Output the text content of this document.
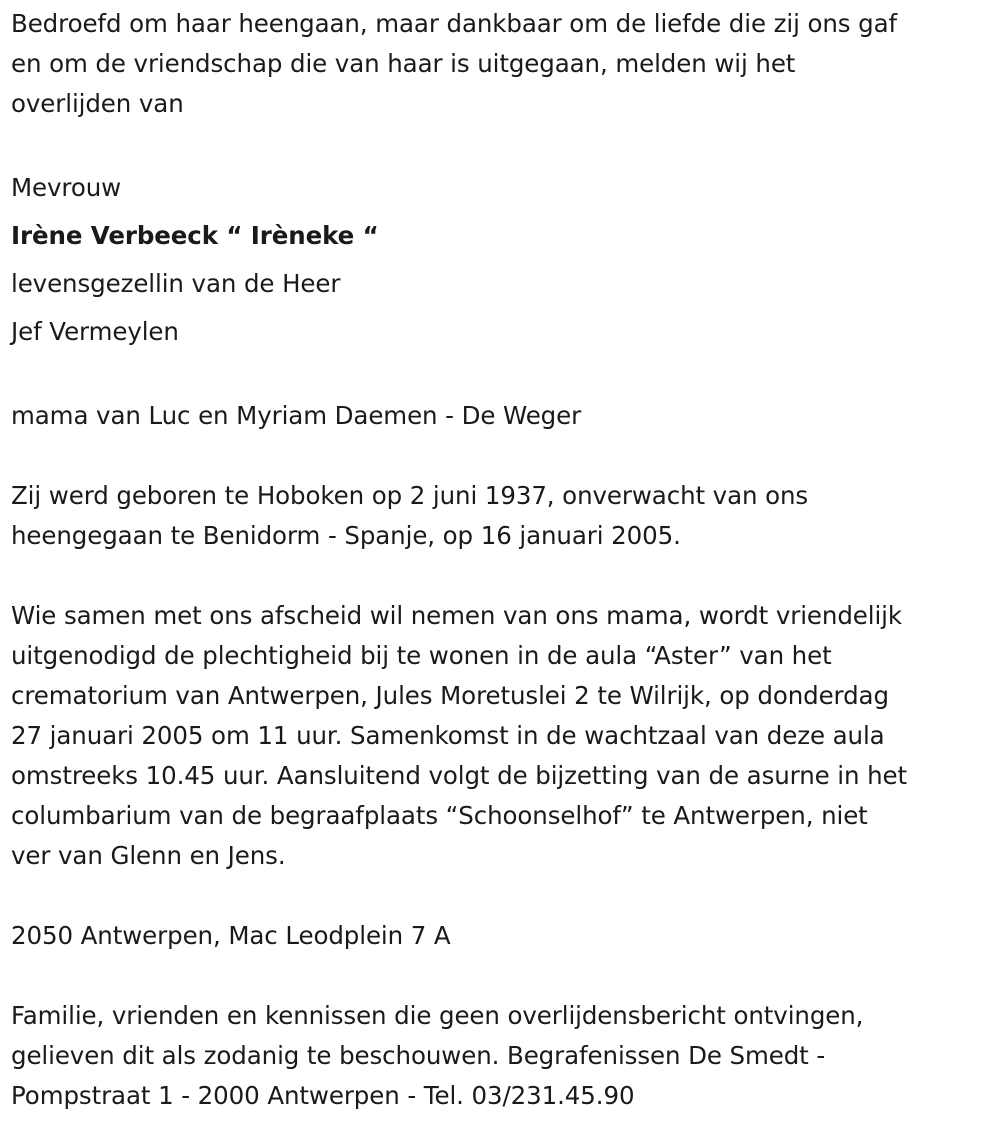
Bedroefd om haar heengaan, maar dankbaar om de liefde die zij ons gaf

en om de vriendschap die van haar is uitgegaan, melden wij het

overlijden van

Mevrouw

Irène Verbeeck “ Irèneke “

levensgezellin van de Heer

Jef Vermeylen

mama van Luc en Myriam Daemen - De Weger

Zij werd geboren te Hoboken op 2 juni 1937, onverwacht van ons

heengegaan te Benidorm - Spanje, op 16 januari 2005.

Wie samen met ons afscheid wil nemen van ons mama, wordt vriendelijk

uitgenodigd de plechtigheid bij te wonen in de aula “Aster” van het

crematorium van Antwerpen, Jules Moretuslei 2 te Wilrijk, op donderdag

27 januari 2005 om 11 uur. Samenkomst in de wachtzaal van deze aula

omstreeks 10.45 uur. Aansluitend volgt de bijzetting van de asurne in het

columbarium van de begraafplaats “Schoonselhof” te Antwerpen, niet

ver van Glenn en Jens.

2050 Antwerpen, Mac Leodplein 7 A

Familie, vrienden en kennissen die geen overlijdensbericht ontvingen,

gelieven dit als zodanig te beschouwen. Begrafenissen De Smedt -

Pompstraat 1 - 2000 Antwerpen - Tel. 03/231.45.90
